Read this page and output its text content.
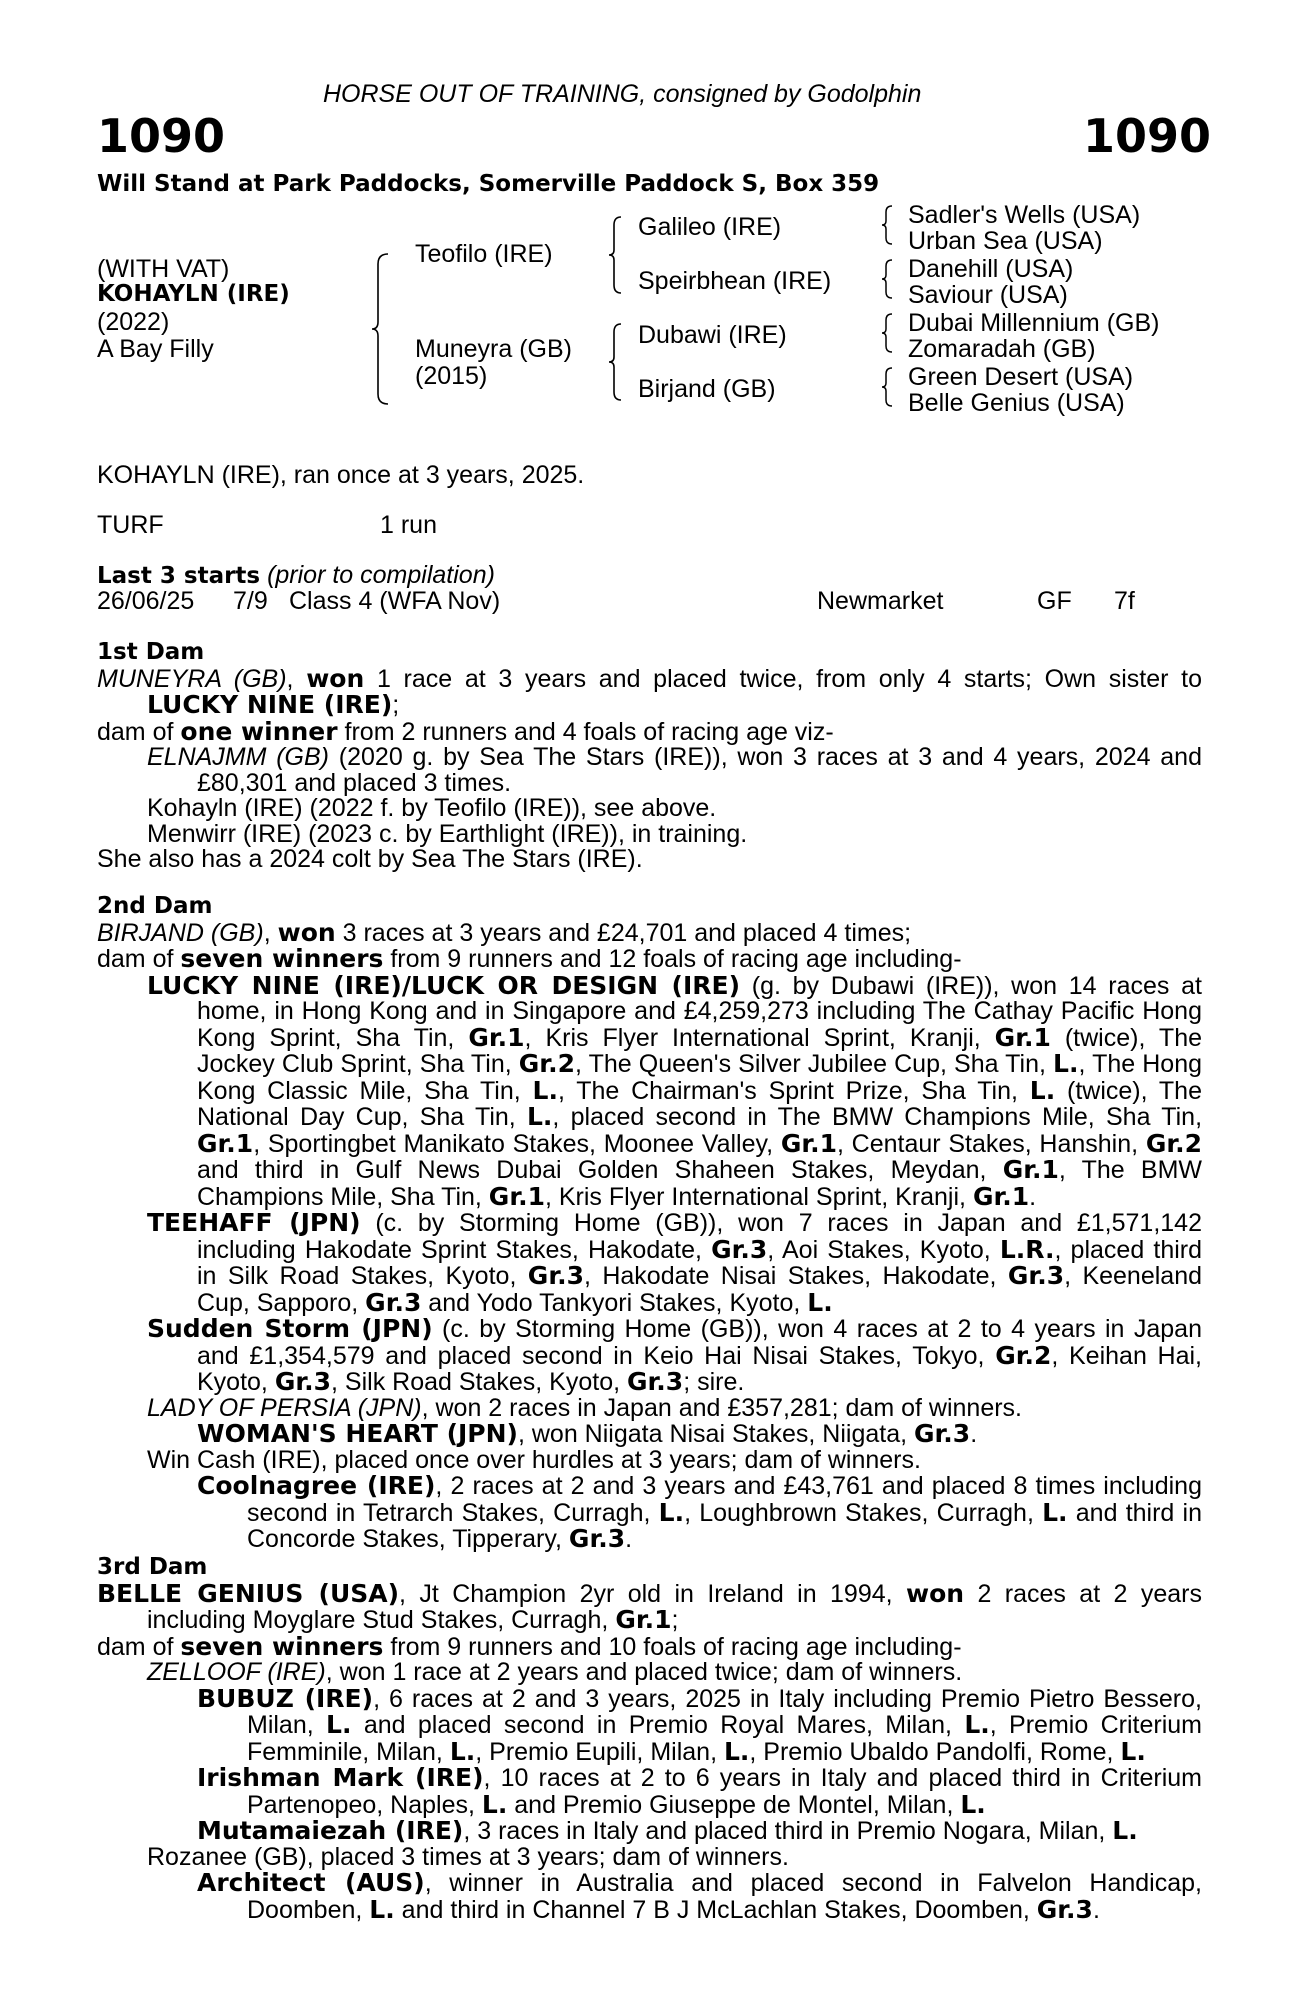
HORSE OUT OF TRAINING, consigned by Godolphin
1090	1090
Will Stand at Park Paddocks, Somerville Paddock S, Box 359
(WITH VAT)
KOHAYLN (IRE)
(2022)
A Bay Filly
Teofilo (IRE)
Muneyra (GB)
(2015)
Galileo (IRE)
Speirbhean (IRE)
Dubawi (IRE)
Birjand (GB)
Sadler's Wells (USA)
Urban Sea (USA)
Danehill (USA)
Saviour (USA)
Dubai Millennium (GB)
Zomaradah (GB)
Green Desert (USA)
Belle Genius (USA)
KOHAYLN (IRE), ran once at 3 years, 2025.
TURF	1 run
Last 3 starts (prior to compilation)
26/06/25 7/9 Class 4 (WFA Nov)	Newmarket	GF 7f
1st Dam
MUNEYRA (GB), won 1 race at 3 years and placed twice, from only 4 starts; Own sister to LUCKY NINE (IRE);
dam of one winner from 2 runners and 4 foals of racing age viz-
ELNAJMM (GB) (2020 g. by Sea The Stars (IRE)), won 3 races at 3 and 4 years, 2024 and £80,301 and placed 3 times.
Kohayln (IRE) (2022 f. by Teofilo (IRE)), see above.
Menwirr (IRE) (2023 c. by Earthlight (IRE)), in training.
She also has a 2024 colt by Sea The Stars (IRE).
2nd Dam
BIRJAND (GB), won 3 races at 3 years and £24,701 and placed 4 times;
dam of seven winners from 9 runners and 12 foals of racing age including-
LUCKY NINE (IRE)/LUCK OR DESIGN (IRE) (g. by Dubawi (IRE)), won 14 races at home, in Hong Kong and in Singapore and £4,259,273 including The Cathay Pacific Hong Kong Sprint, Sha Tin, Gr.1, Kris Flyer International Sprint, Kranji, Gr.1 (twice), The Jockey Club Sprint, Sha Tin, Gr.2, The Queen's Silver Jubilee Cup, Sha Tin, L., The Hong Kong Classic Mile, Sha Tin, L., The Chairman's Sprint Prize, Sha Tin, L. (twice), The National Day Cup, Sha Tin, L., placed second in The BMW Champions Mile, Sha Tin, Gr.1, Sportingbet Manikato Stakes, Moonee Valley, Gr.1, Centaur Stakes, Hanshin, Gr.2 and third in Gulf News Dubai Golden Shaheen Stakes, Meydan, Gr.1, The BMW Champions Mile, Sha Tin, Gr.1, Kris Flyer International Sprint, Kranji, Gr.1.
TEEHAFF (JPN) (c. by Storming Home (GB)), won 7 races in Japan and £1,571,142 including Hakodate Sprint Stakes, Hakodate, Gr.3, Aoi Stakes, Kyoto, L.R., placed third in Silk Road Stakes, Kyoto, Gr.3, Hakodate Nisai Stakes, Hakodate, Gr.3, Keeneland Cup, Sapporo, Gr.3 and Yodo Tankyori Stakes, Kyoto, L.
Sudden Storm (JPN) (c. by Storming Home (GB)), won 4 races at 2 to 4 years in Japan and £1,354,579 and placed second in Keio Hai Nisai Stakes, Tokyo, Gr.2, Keihan Hai, Kyoto, Gr.3, Silk Road Stakes, Kyoto, Gr.3; sire.
LADY OF PERSIA (JPN), won 2 races in Japan and £357,281; dam of winners.
WOMAN'S HEART (JPN), won Niigata Nisai Stakes, Niigata, Gr.3.
Win Cash (IRE), placed once over hurdles at 3 years; dam of winners.
Coolnagree (IRE), 2 races at 2 and 3 years and £43,761 and placed 8 times including second in Tetrarch Stakes, Curragh, L., Loughbrown Stakes, Curragh, L. and third in Concorde Stakes, Tipperary, Gr.3.
3rd Dam
BELLE GENIUS (USA), Jt Champion 2yr old in Ireland in 1994, won 2 races at 2 years including Moyglare Stud Stakes, Curragh, Gr.1;
dam of seven winners from 9 runners and 10 foals of racing age including-
ZELLOOF (IRE), won 1 race at 2 years and placed twice; dam of winners.
BUBUZ (IRE), 6 races at 2 and 3 years, 2025 in Italy including Premio Pietro Bessero, Milan, L. and placed second in Premio Royal Mares, Milan, L., Premio Criterium Femminile, Milan, L., Premio Eupili, Milan, L., Premio Ubaldo Pandolfi, Rome, L.
Irishman Mark (IRE), 10 races at 2 to 6 years in Italy and placed third in Criterium Partenopeo, Naples, L. and Premio Giuseppe de Montel, Milan, L.
Mutamaiezah (IRE), 3 races in Italy and placed third in Premio Nogara, Milan, L.
Rozanee (GB), placed 3 times at 3 years; dam of winners.
Architect (AUS), winner in Australia and placed second in Falvelon Handicap, Doomben, L. and third in Channel 7 B J McLachlan Stakes, Doomben, Gr.3.
